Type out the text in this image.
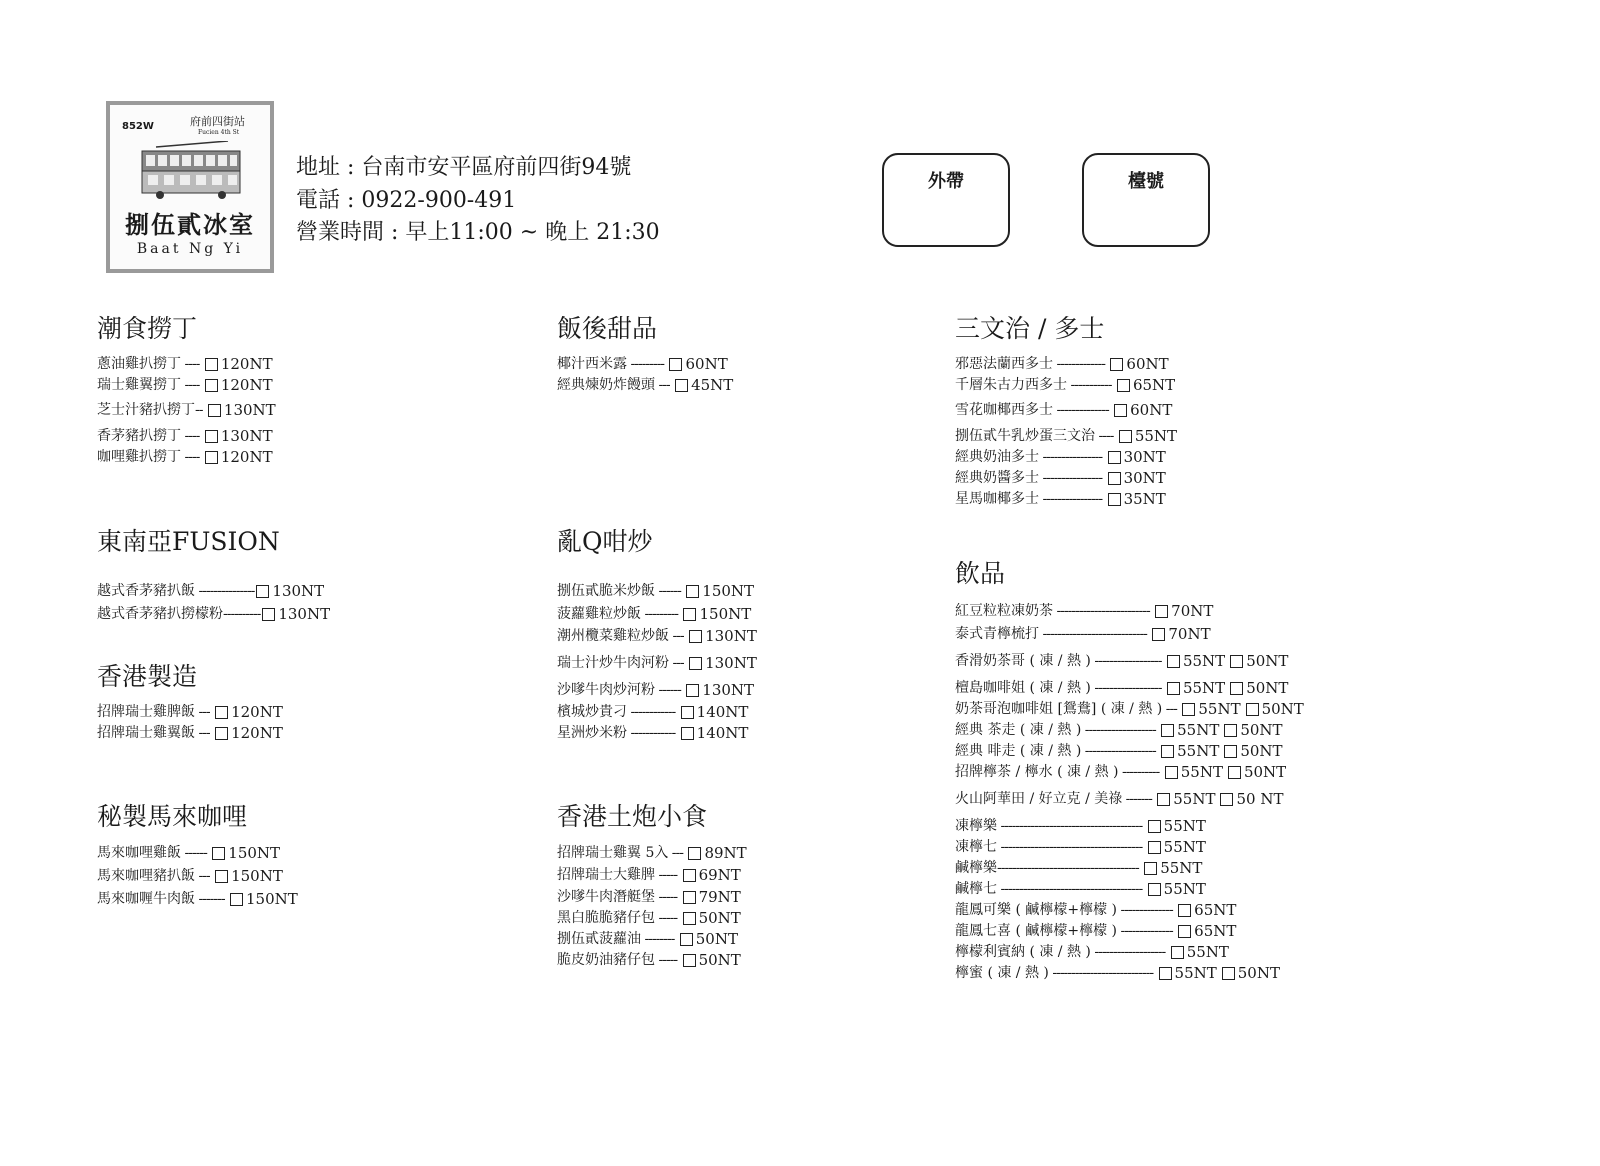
852W	府前四街站
Fucien 4th St
捌伍貳冰室
Baat Ng Yi
地址 : 台南市安平區府前四街94號
電話 : 0922-900-491
營業時間 : 早上11:00 ~ 晚上 21:30
外帶	檯號
潮食撈丁
東南亞FUSION
香港製造
秘製馬來咖哩
飯後甜品
亂Q咁炒
香港土炮小食
三文治 / 多士
飲品
蔥油雞扒撈丁 ---- 120NT
瑞士雞翼撈丁 ---- 120NT
芝士汁豬扒撈丁 -- 130NT
香茅豬扒撈丁 ---- 130NT
咖哩雞扒撈丁 ---- 120NT
越式香茅豬扒飯 --------------- 130NT
越式香茅豬扒撈檬粉 ---------- 130NT
招牌瑞士雞脾飯 --- 120NT
招牌瑞士雞翼飯 --- 120NT
馬來咖哩雞飯 ------ 150NT
馬來咖哩豬扒飯 --- 150NT
馬來咖喱牛肉飯 ------- 150NT
椰汁西米露 --------- 60NT
經典煉奶炸饅頭 --- 45NT
捌伍貳脆米炒飯 ------ 150NT
菠蘿雞粒炒飯 --------- 150NT
潮州欖菜雞粒炒飯 --- 130NT
瑞士汁炒牛肉河粉 --- 130NT
沙嗲牛肉炒河粉 ------ 130NT
檳城炒貴刁 ------------ 140NT
星洲炒米粉 ------------ 140NT
招牌瑞士雞翼 5入 --- 89NT
招牌瑞士大雞脾 ----- 69NT
沙嗲牛肉潛艇堡 ----- 79NT
黑白脆脆豬仔包 ----- 50NT
捌伍貳菠蘿油 -------- 50NT
脆皮奶油豬仔包 ----- 50NT
邪惡法蘭西多士 ------------- 60NT
千層朱古力西多士 ----------- 65NT
雪花咖椰西多士 -------------- 60NT
捌伍貳牛乳炒蛋三文治 ---- 55NT
經典奶油多士 ---------------- 30NT
經典奶醬多士 ---------------- 30NT
星馬咖椰多士 ---------------- 35NT
紅豆粒粒凍奶茶 ------------------------- 70NT
泰式青檸梳打 ---------------------------- 70NT
香滑奶茶哥 ( 凍 / 熱 ) ------------------ 55NT 50NT
檀島咖啡姐 ( 凍 / 熱 ) ------------------ 55NT 50NT
奶茶哥泡咖啡姐 [鴛鴦] ( 凍 / 熱 ) --- 55NT 50NT
經典 茶走 ( 凍 / 熱 ) ------------------- 55NT 50NT
經典 啡走 ( 凍 / 熱 ) ------------------- 55NT 50NT
招牌檸茶 / 檸水 ( 凍 / 熱 ) ---------- 55NT 50NT
火山阿華田 / 好立克 / 美祿 ------- 55NT 50 NT
凍檸樂 -------------------------------------- 55NT
凍檸七 -------------------------------------- 55NT
鹹檸樂 -------------------------------------- 55NT
鹹檸七 -------------------------------------- 55NT
龍鳳可樂 ( 鹹檸檬+檸檬 ) -------------- 65NT
龍鳳七喜 ( 鹹檸檬+檸檬 ) -------------- 65NT
檸檬利賓納 ( 凍 / 熱 ) ------------------- 55NT
檸蜜 ( 凍 / 熱 ) --------------------------- 55NT 50NT
